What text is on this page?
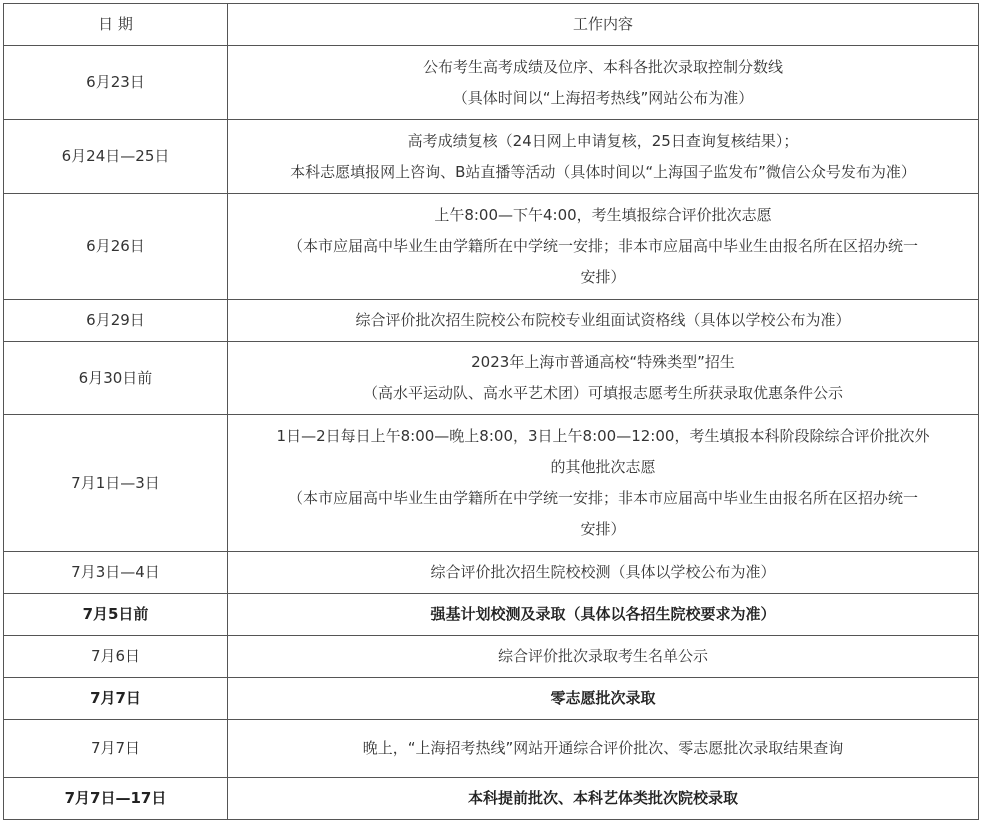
日 期	工作内容
6月23日	公布考生高考成绩及位序、本科各批次录取控制分数线
（具体时间以“上海招考热线”网站公布为准）

6月24日—25日	高考成绩复核（24日网上申请复核，25日查询复核结果）；
本科志愿填报网上咨询、B站直播等活动（具体时间以“上海国子监发布”微信公众号发布为准）

6月26日	上午8:00—下午4:00，考生填报综合评价批次志愿
（本市应届高中毕业生由学籍所在中学统一安排；非本市应届高中毕业生由报名所在区招办统一
安排）

6月29日	综合评价批次招生院校公布院校专业组面试资格线（具体以学校公布为准）

6月30日前	2023年上海市普通高校“特殊类型”招生
（高水平运动队、高水平艺术团）可填报志愿考生所获录取优惠条件公示

7月1日—3日	1日—2日每日上午8:00—晚上8:00，3日上午8:00—12:00，考生填报本科阶段除综合评价批次外
的其他批次志愿
（本市应届高中毕业生由学籍所在中学统一安排；非本市应届高中毕业生由报名所在区招办统一
安排）

7月3日—4日	综合评价批次招生院校校测（具体以学校公布为准）

7月5日前	强基计划校测及录取（具体以各招生院校要求为准）

7月6日	综合评价批次录取考生名单公示

7月7日	零志愿批次录取

7月7日	晚上，“上海招考热线”网站开通综合评价批次、零志愿批次录取结果查询

7月7日—17日	本科提前批次、本科艺体类批次院校录取
